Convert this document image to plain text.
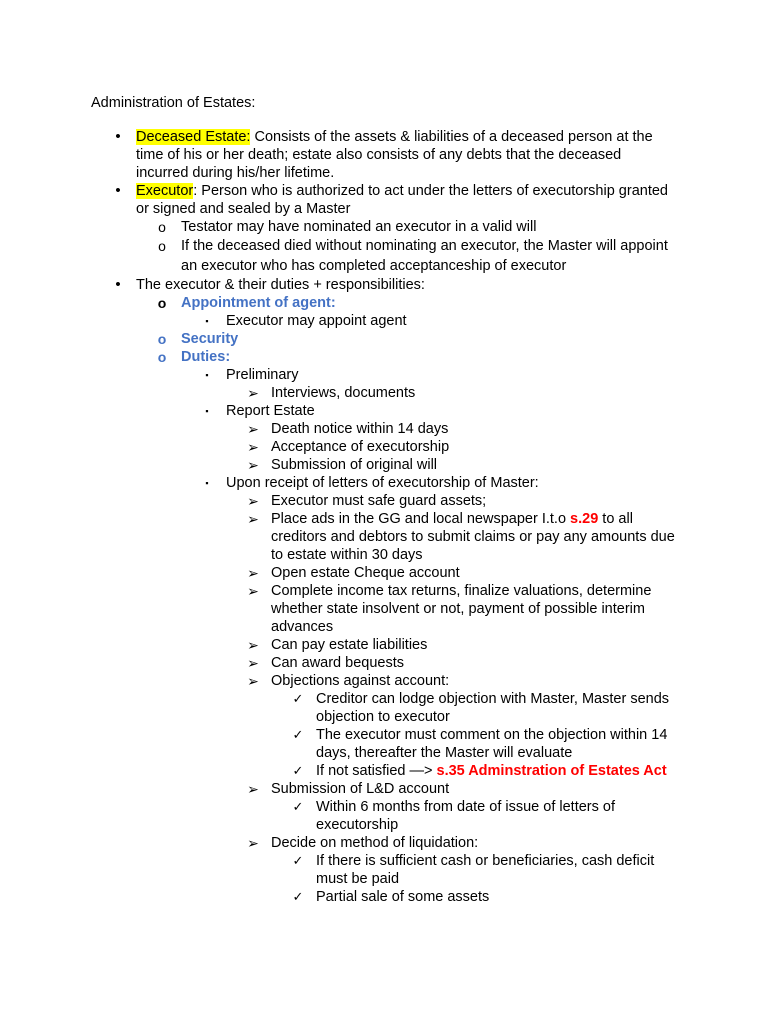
Administration of Estates:
•	Deceased Estate: Consists of the assets & liabilities of a deceased person at the time of his or her death; estate also consists of any debts that the deceased incurred during his/her lifetime.
•	Executor: Person who is authorized to act under the letters of executorship granted or signed and sealed by a Master
o	Testator may have nominated an executor in a valid will
o	If the deceased died without nominating an executor, the Master will appoint an executor who has completed acceptanceship of executor
•	The executor & their duties + responsibilities:
o	Appointment of agent:
▪	Executor may appoint agent
o	Security
o	Duties:
▪	Preliminary
➢ Interviews, documents
▪	Report Estate
➢ Death notice within 14 days
➢ Acceptance of executorship
➢ Submission of original will
▪	Upon receipt of letters of executorship of Master:
➢ Executor must safe guard assets;
➢ Place ads in the GG and local newspaper I.t.o s.29 to all creditors and debtors to submit claims or pay any amounts due to estate within 30 days
➢ Open estate Cheque account
➢ Complete income tax returns, finalize valuations, determine whether state insolvent or not, payment of possible interim advances
➢ Can pay estate liabilities
➢ Can award bequests
➢ Objections against account:
✓ Creditor can lodge objection with Master, Master sends objection to executor
✓ The executor must comment on the objection within 14 days, thereafter the Master will evaluate
✓ If not satisfied —> s.35 Adminstration of Estates Act
➢ Submission of L&D account
✓ Within 6 months from date of issue of letters of executorship
➢ Decide on method of liquidation:
✓ If there is sufficient cash or beneficiaries, cash deficit must be paid
✓ Partial sale of some assets
